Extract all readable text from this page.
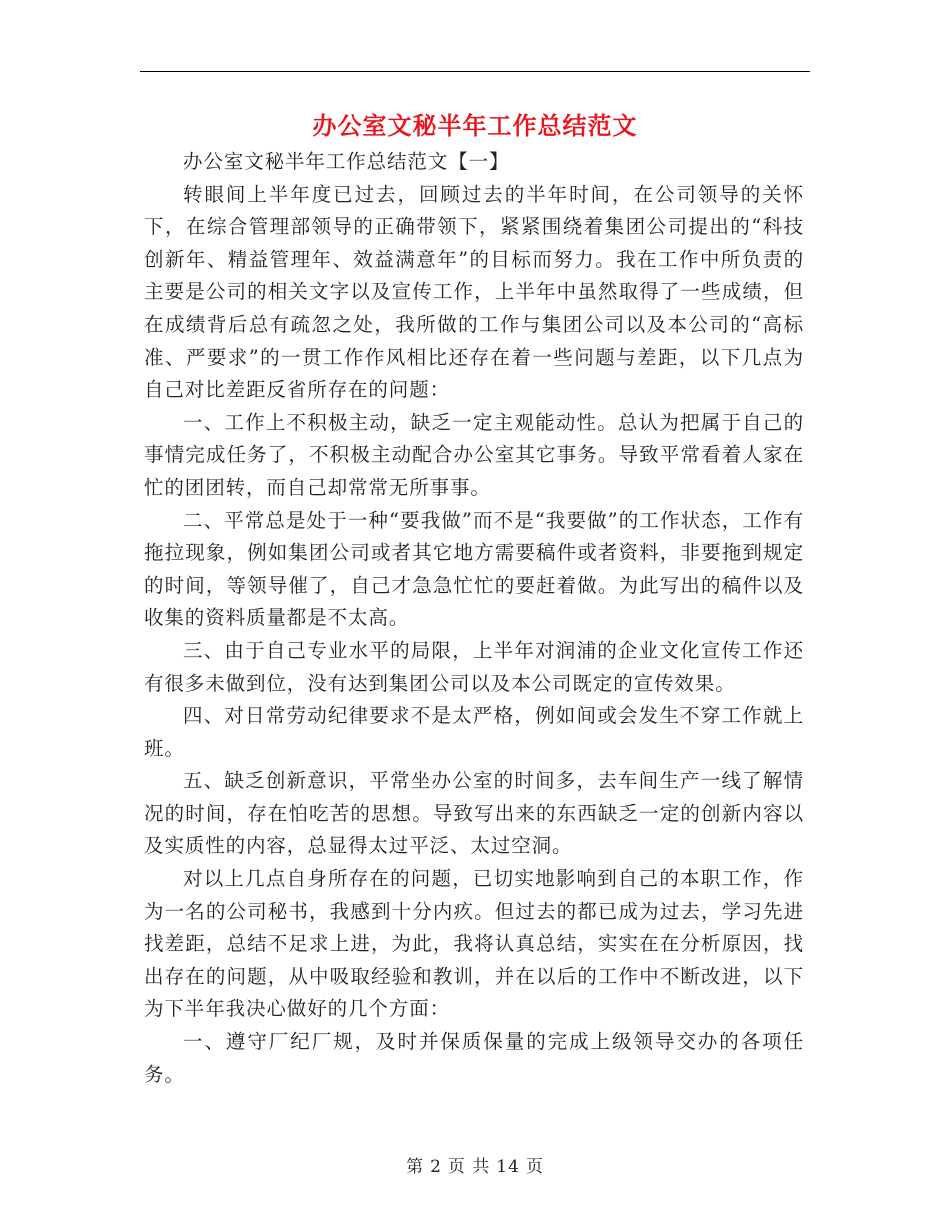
办公室文秘半年工作总结范文

办公室文秘半年工作总结范文【一】

转眼间上半年度已过去，回顾过去的半年时间，在公司领导的关怀下，在综合管理部领导的正确带领下，紧紧围绕着集团公司提出的“科技创新年、精益管理年、效益满意年”的目标而努力。我在工作中所负责的主要是公司的相关文字以及宣传工作，上半年中虽然取得了一些成绩，但在成绩背后总有疏忽之处，我所做的工作与集团公司以及本公司的“高标准、严要求”的一贯工作作风相比还存在着一些问题与差距，以下几点为自己对比差距反省所存在的问题：

一、工作上不积极主动，缺乏一定主观能动性。总认为把属于自己的事情完成任务了，不积极主动配合办公室其它事务。导致平常看着人家在忙的团团转，而自己却常常无所事事。

二、平常总是处于一种“要我做”而不是“我要做”的工作状态，工作有拖拉现象，例如集团公司或者其它地方需要稿件或者资料，非要拖到规定的时间，等领导催了，自己才急急忙忙的要赶着做。为此写出的稿件以及收集的资料质量都是不太高。

三、由于自己专业水平的局限，上半年对润浦的企业文化宣传工作还有很多未做到位，没有达到集团公司以及本公司既定的宣传效果。

四、对日常劳动纪律要求不是太严格，例如间或会发生不穿工作就上班。

五、缺乏创新意识，平常坐办公室的时间多，去车间生产一线了解情况的时间，存在怕吃苦的思想。导致写出来的东西缺乏一定的创新内容以及实质性的内容，总显得太过平泛、太过空洞。

对以上几点自身所存在的问题，已切实地影响到自己的本职工作，作为一名的公司秘书，我感到十分内疚。但过去的都已成为过去，学习先进找差距，总结不足求上进，为此，我将认真总结，实实在在分析原因，找出存在的问题，从中吸取经验和教训，并在以后的工作中不断改进，以下为下半年我决心做好的几个方面：

一、遵守厂纪厂规，及时并保质保量的完成上级领导交办的各项任务。

第 2 页 共 14 页
